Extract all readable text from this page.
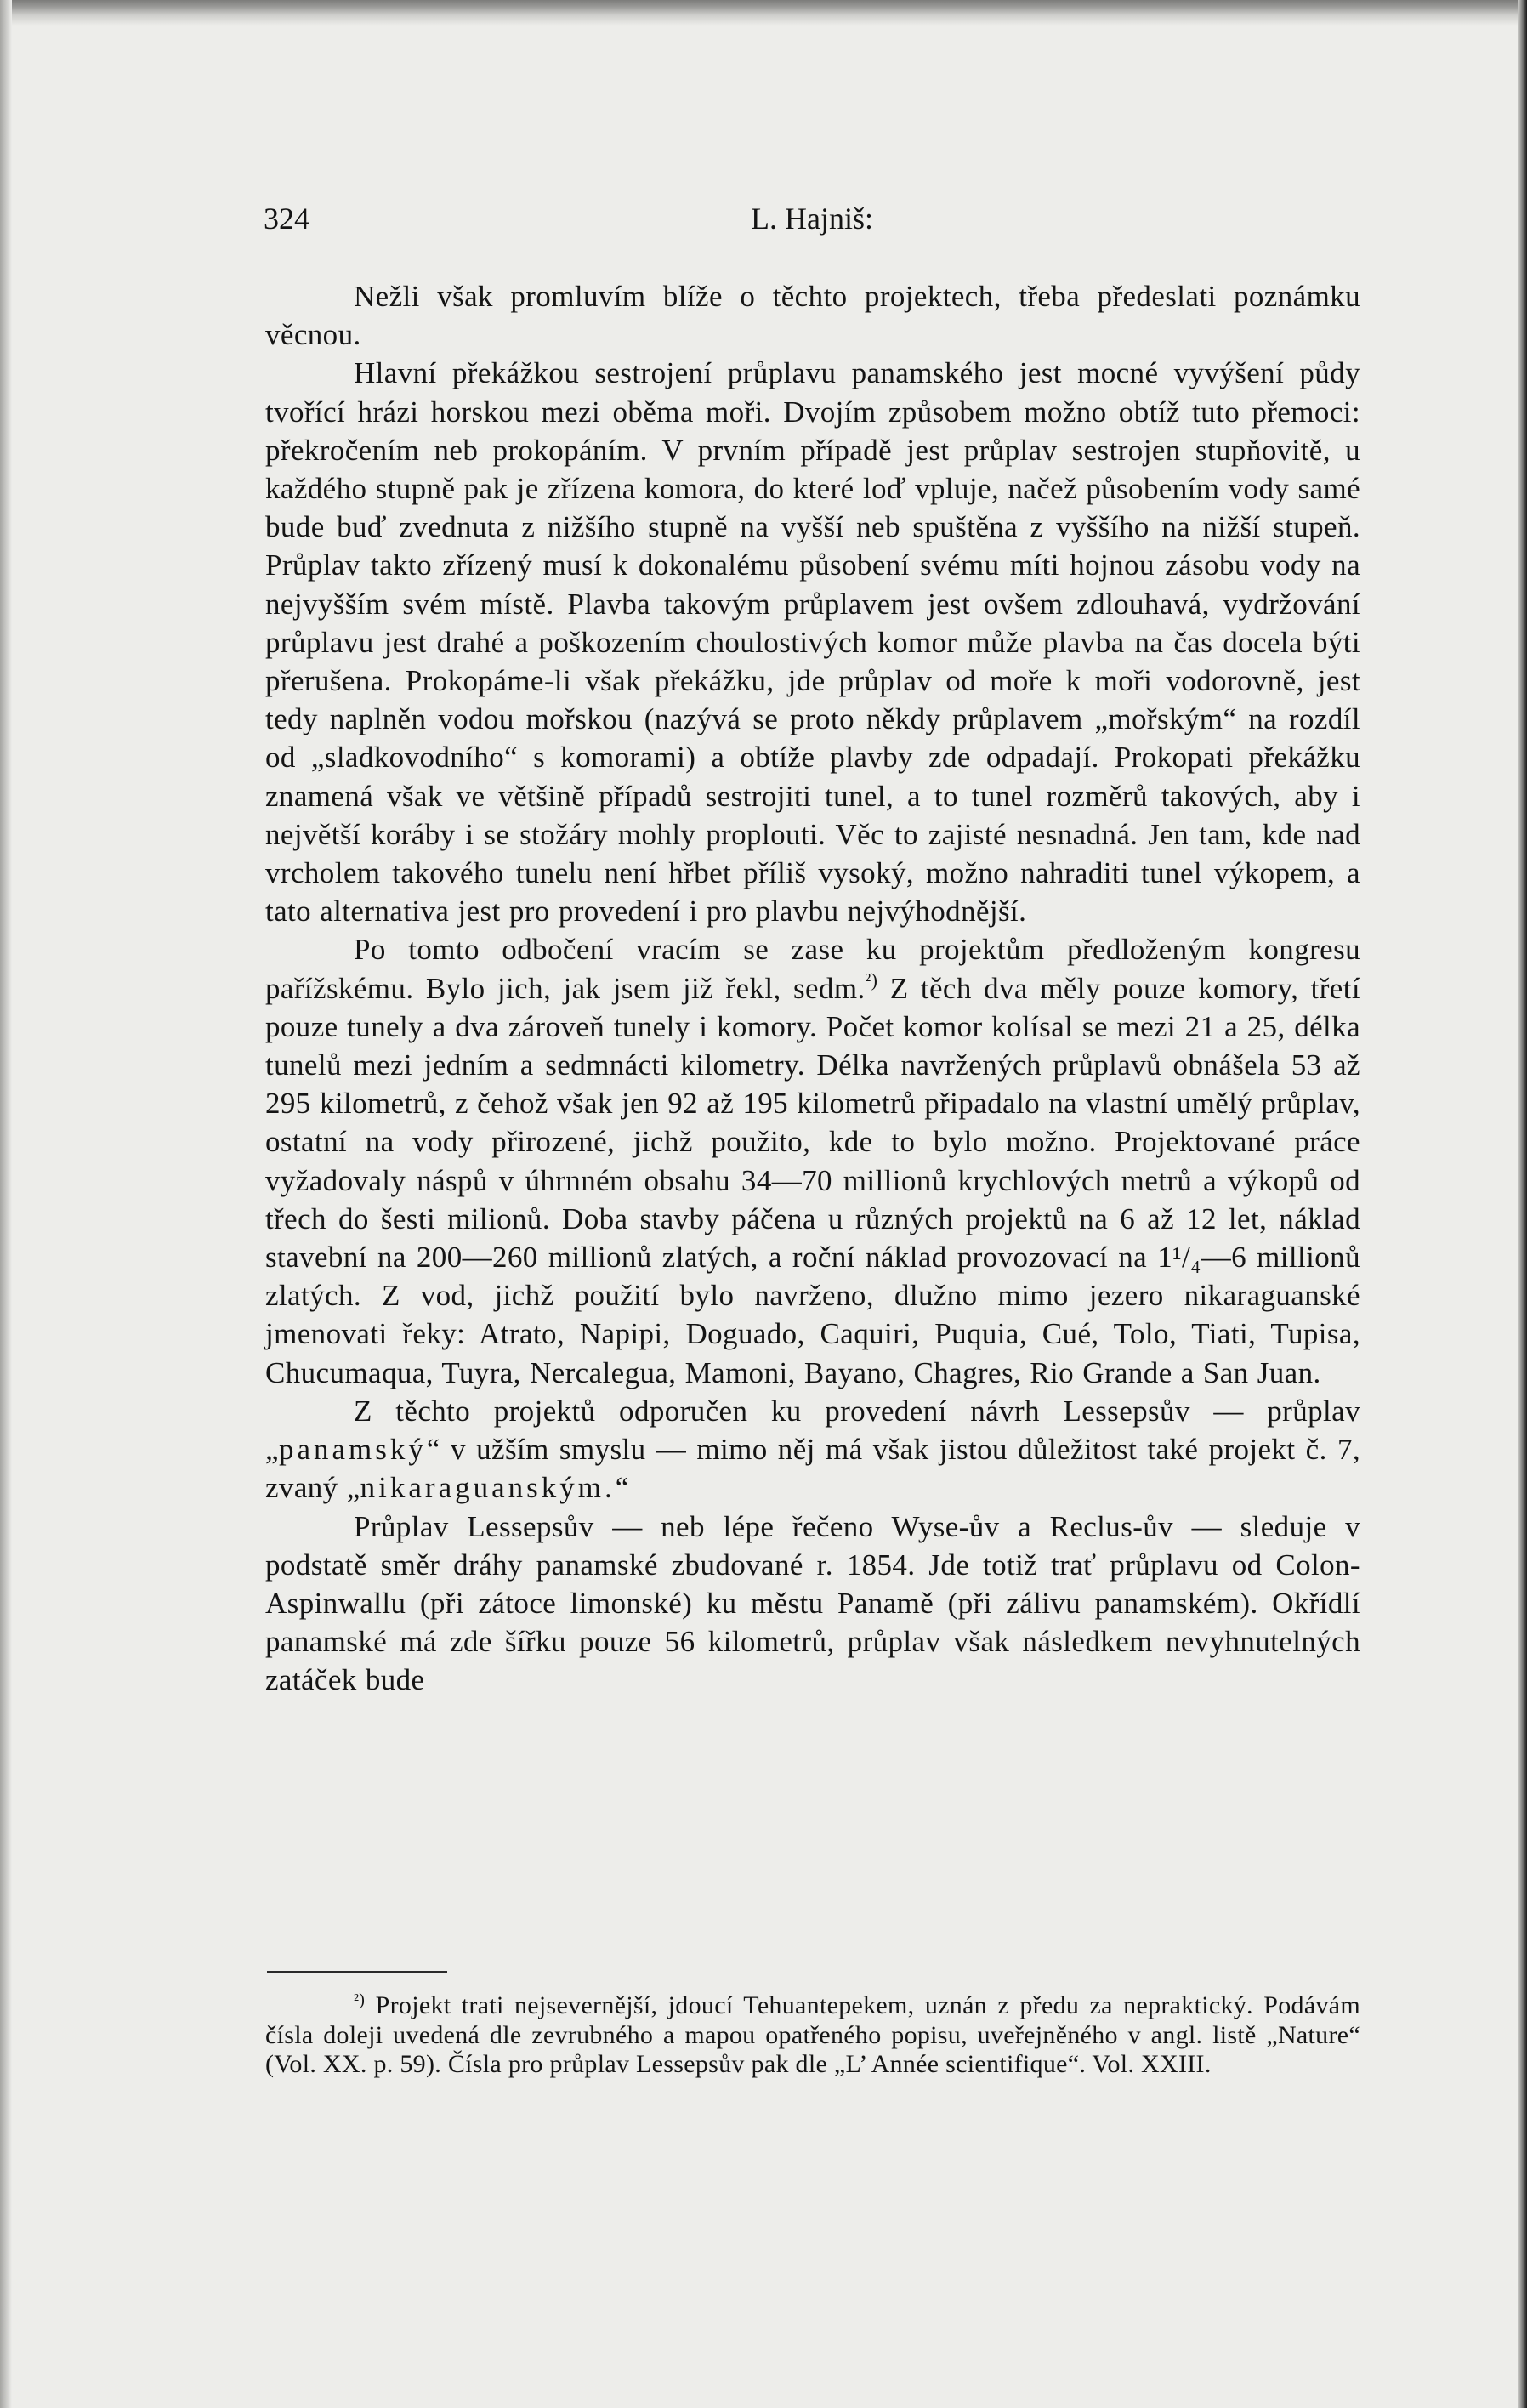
324	L. Hajniš:

Nežli však promluvím blíže o těchto projektech, třeba předeslati poznámku věcnou.

Hlavní překážkou sestrojení průplavu panamského jest mocné vyvýšení půdy tvořící hrázi horskou mezi oběma moři. Dvojím způsobem možno obtíž tuto přemoci: překročením neb prokopáním. V prvním případě jest průplav sestrojen stupňovitě, u každého stupně pak je zřízena komora, do které loď vpluje, načež působením vody samé bude buď zvednuta z nižšího stupně na vyšší neb spuštěna z vyššího na nižší stupeň. Průplav takto zřízený musí k dokonalému působení svému míti hojnou zásobu vody na nejvyšším svém místě. Plavba takovým průplavem jest ovšem zdlouhavá, vydržování průplavu jest drahé a poškozením choulostivých komor může plavba na čas docela býti přerušena. Prokopáme-li však překážku, jde průplav od moře k moři vodorovně, jest tedy naplněn vodou mořskou (nazývá se proto někdy průplavem „mořským“ na rozdíl od „sladkovodního“ s komorami) a obtíže plavby zde odpadají. Prokopati překážku znamená však ve většině případů sestrojiti tunel, a to tunel rozměrů takových, aby i největší koráby i se stožáry mohly proplouti. Věc to zajisté nesnadná. Jen tam, kde nad vrcholem takového tunelu není hřbet příliš vysoký, možno nahraditi tunel výkopem, a tato alternativa jest pro provedení i pro plavbu nejvýhodnější.

Po tomto odbočení vracím se zase ku projektům předloženým kongresu pařížskému. Bylo jich, jak jsem již řekl, sedm.$^{^2)}$ Z těch dva měly pouze komory, třetí pouze tunely a dva zároveň tunely i komory. Počet komor kolísal se mezi 21 a 25, délka tunelů mezi jedním a sedmnácti kilometry. Délka navržených průplavů obnášela 53 až 295 kilometrů, z čehož však jen 92 až 195 kilometrů připadalo na vlastní umělý průplav, ostatní na vody přirozené, jichž použito, kde to bylo možno. Projektované práce vyžadovaly náspů v úhrnném obsahu 34—70 millionů krychlových metrů a výkopů od třech do šesti milionů. Doba stavby páčena u různých projektů na 6 až 12 let, náklad stavební na 200—260 millionů zlatých, a roční náklad provozovací na 1¹/₄—6 millionů zlatých. Z vod, jichž použití bylo navrženo, dlužno mimo jezero nikaraguanské jmenovati řeky: Atrato, Napipi, Doguado, Caquiri, Puquia, Cué, Tolo, Tiati, Tupisa, Chucumaqua, Tuyra, Nercalegua, Mamoni, Bayano, Chagres, Rio Grande a San Juan.

Z těchto projektů odporučen ku provedení návrh Lessepsův — průplav „panamský“ v užším smyslu — mimo něj má však jistou důležitost také projekt č. 7, zvaný „nikaraguanským.“

Průplav Lessepsův — neb lépe řečeno Wyse-ův a Reclus-ův — sleduje v podstatě směr dráhy panamské zbudované r. 1854. Jde totiž trať průplavu od Colon-Aspinwallu (při zátoce limonské) ku městu Panamě (při zálivu panamském). Okřídlí panamské má zde šířku pouze 56 kilometrů, průplav však následkem nevyhnutelných zatáček bude

$^{^2)}$ Projekt trati nejsevernější, jdoucí Tehuantepekem, uznán z předu za nepraktický. Podávám čísla doleji uvedená dle zevrubného a mapou opatřeného popisu, uveřejněného v angl. listě „Nature“ (Vol. XX. p. 59). Čísla pro průplav Lessepsův pak dle „L’ Année scientifique“. Vol. XXIII.
